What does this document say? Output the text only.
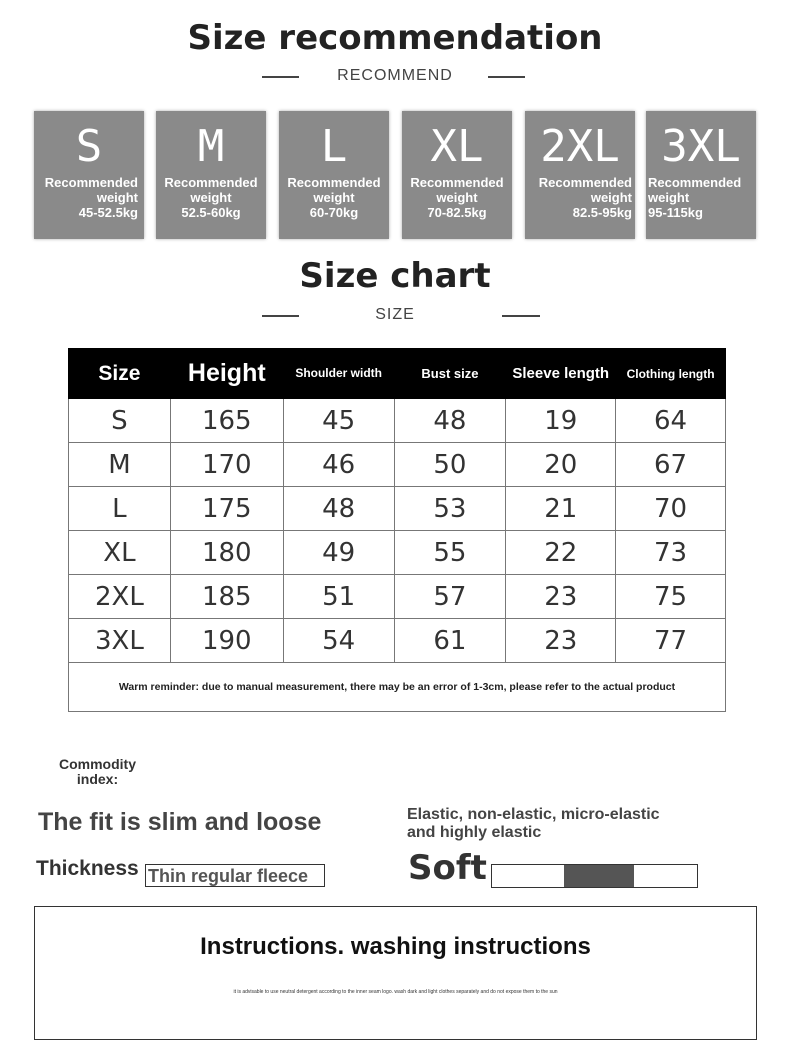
Size recommendation
RECOMMEND
S
Recommended
weight
45-52.5kg
M
Recommended
weight
52.5-60kg
L
Recommended
weight
60-70kg
XL
Recommended
weight
70-82.5kg
2XL
Recommended
weight
82.5-95kg
3XL
Recommended
weight
95-115kg
Size chart
SIZE
Size	Height	Shoulder width	Bust size	Sleeve length	Clothing length
S	165	45	48	19	64
M	170	46	50	20	67
L	175	48	53	21	70
XL	180	49	55	22	73
2XL	185	51	57	23	75
3XL	190	54	61	23	77
Warm reminder: due to manual measurement, there may be an error of 1-3cm, please refer to the actual product					
Commodity
index:
The fit is slim and loose	Elastic, non-elastic, micro-elastic
and highly elastic
Thickness Thin regular fleece	Soft
Instructions. washing instructions
it is advisable to use neutral detergent according to the inner seam logo. wash dark and light clothes separately and do not expose them to the sun
